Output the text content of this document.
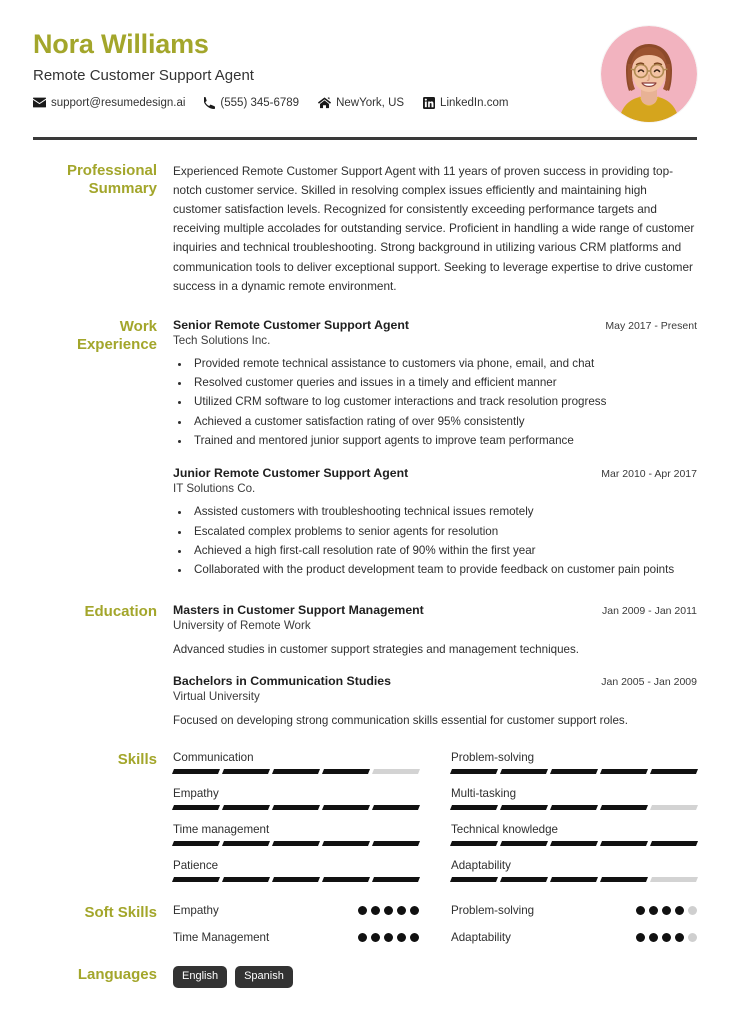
Nora Williams
Remote Customer Support Agent
support@resumedesign.ai	(555) 345-6789	NewYork, US	LinkedIn.com
Professional
Summary
Experienced Remote Customer Support Agent with 11 years of proven success in providing top-notch customer service. Skilled in resolving complex issues efficiently and maintaining high customer satisfaction levels. Recognized for consistently exceeding performance targets and receiving multiple accolades for outstanding service. Proficient in handling a wide range of customer inquiries and technical troubleshooting. Strong background in utilizing various CRM platforms and communication tools to deliver exceptional support. Seeking to leverage expertise to drive customer success in a dynamic remote environment.
Work
Experience
Senior Remote Customer Support Agent	May 2017 - Present
Tech Solutions Inc.
• Provided remote technical assistance to customers via phone, email, and chat
• Resolved customer queries and issues in a timely and efficient manner
• Utilized CRM software to log customer interactions and track resolution progress
• Achieved a customer satisfaction rating of over 95% consistently
• Trained and mentored junior support agents to improve team performance
Junior Remote Customer Support Agent	Mar 2010 - Apr 2017
IT Solutions Co.
• Assisted customers with troubleshooting technical issues remotely
• Escalated complex problems to senior agents for resolution
• Achieved a high first-call resolution rate of 90% within the first year
• Collaborated with the product development team to provide feedback on customer pain points
Education	Masters in Customer Support Management	Jan 2009 - Jan 2011
University of Remote Work
Advanced studies in customer support strategies and management techniques.
Bachelors in Communication Studies	Jan 2005 - Jan 2009
Virtual University
Focused on developing strong communication skills essential for customer support roles.
Skills	Communication	Problem-solving
Empathy	Multi-tasking
Time management	Technical knowledge
Patience	Adaptability
Soft Skills	Empathy	Problem-solving
Time Management	Adaptability
Languages	English	Spanish
